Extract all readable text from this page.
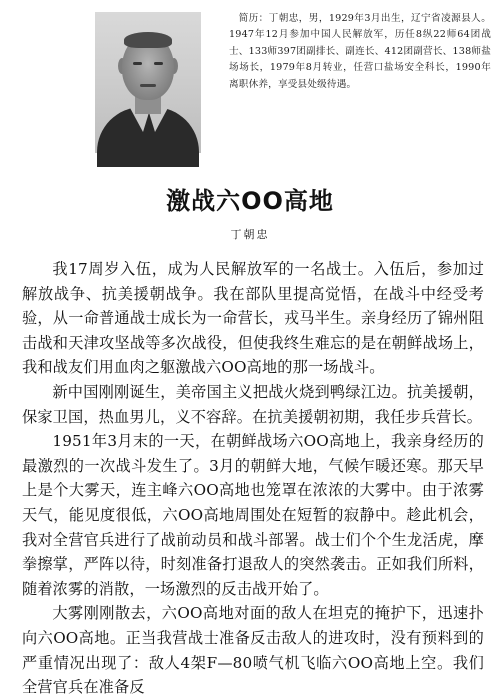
简历：丁朝忠，男，1929年3月出生，辽宁省凌源县人。1947年12月参加中国人民解放军，历任8纵22师64团战士、133师397团副排长、副连长、412团副营长、138师盐场场长，1979年8月转业，任营口盐场安全科长，1990年离职休养，享受县处级待遇。

激战六OO高地

丁朝忠

我17周岁入伍，成为人民解放军的一名战士。入伍后，参加过解放战争、抗美援朝战争。我在部队里提高觉悟，在战斗中经受考验，从一命普通战士成长为一命营长，戎马半生。亲身经历了锦州阻击战和天津攻坚战等多次战役，但使我终生难忘的是在朝鲜战场上，我和战友们用血肉之躯激战六OO高地的那一场战斗。

新中国刚刚诞生，美帝国主义把战火烧到鸭绿江边。抗美援朝，保家卫国，热血男儿，义不容辞。在抗美援朝初期，我任步兵营长。

1951年3月末的一天，在朝鲜战场六OO高地上，我亲身经历的最激烈的一次战斗发生了。3月的朝鲜大地，气候乍暖还寒。那天早上是个大雾天，连主峰六OO高地也笼罩在浓浓的大雾中。由于浓雾天气，能见度很低，六OO高地周围处在短暂的寂静中。趁此机会，我对全营官兵进行了战前动员和战斗部署。战士们个个生龙活虎，摩拳擦掌，严阵以待，时刻准备打退敌人的突然袭击。正如我们所料，随着浓雾的消散，一场激烈的反击战开始了。

大雾刚刚散去，六OO高地对面的敌人在坦克的掩护下，迅速扑向六OO高地。正当我营战士准备反击敌人的进攻时，没有预料到的严重情况出现了：敌人4架F—80喷气机飞临六OO高地上空。我们全营官兵在准备反
